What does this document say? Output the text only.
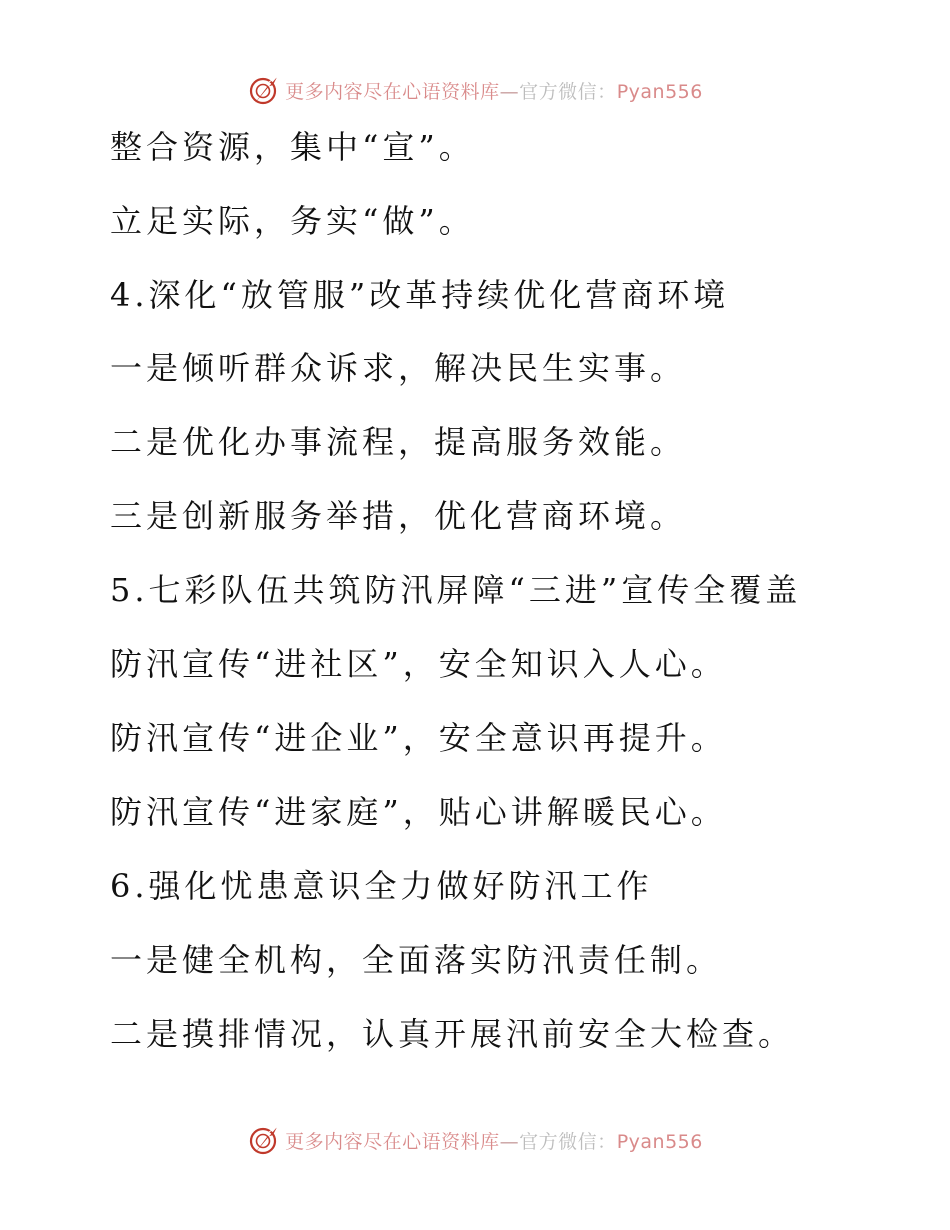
更多内容尽在心语资料库—官方微信：Pyan556
整合资源，集中“宣”。
立足实际，务实“做”。
4.深化“放管服”改革持续优化营商环境
一是倾听群众诉求，解决民生实事。
二是优化办事流程，提高服务效能。
三是创新服务举措，优化营商环境。
5.七彩队伍共筑防汛屏障“三进”宣传全覆盖
防汛宣传“进社区”，安全知识入人心。
防汛宣传“进企业”，安全意识再提升。
防汛宣传“进家庭”，贴心讲解暖民心。
6.强化忧患意识全力做好防汛工作
一是健全机构，全面落实防汛责任制。
二是摸排情况，认真开展汛前安全大检查。
更多内容尽在心语资料库—官方微信：Pyan556
